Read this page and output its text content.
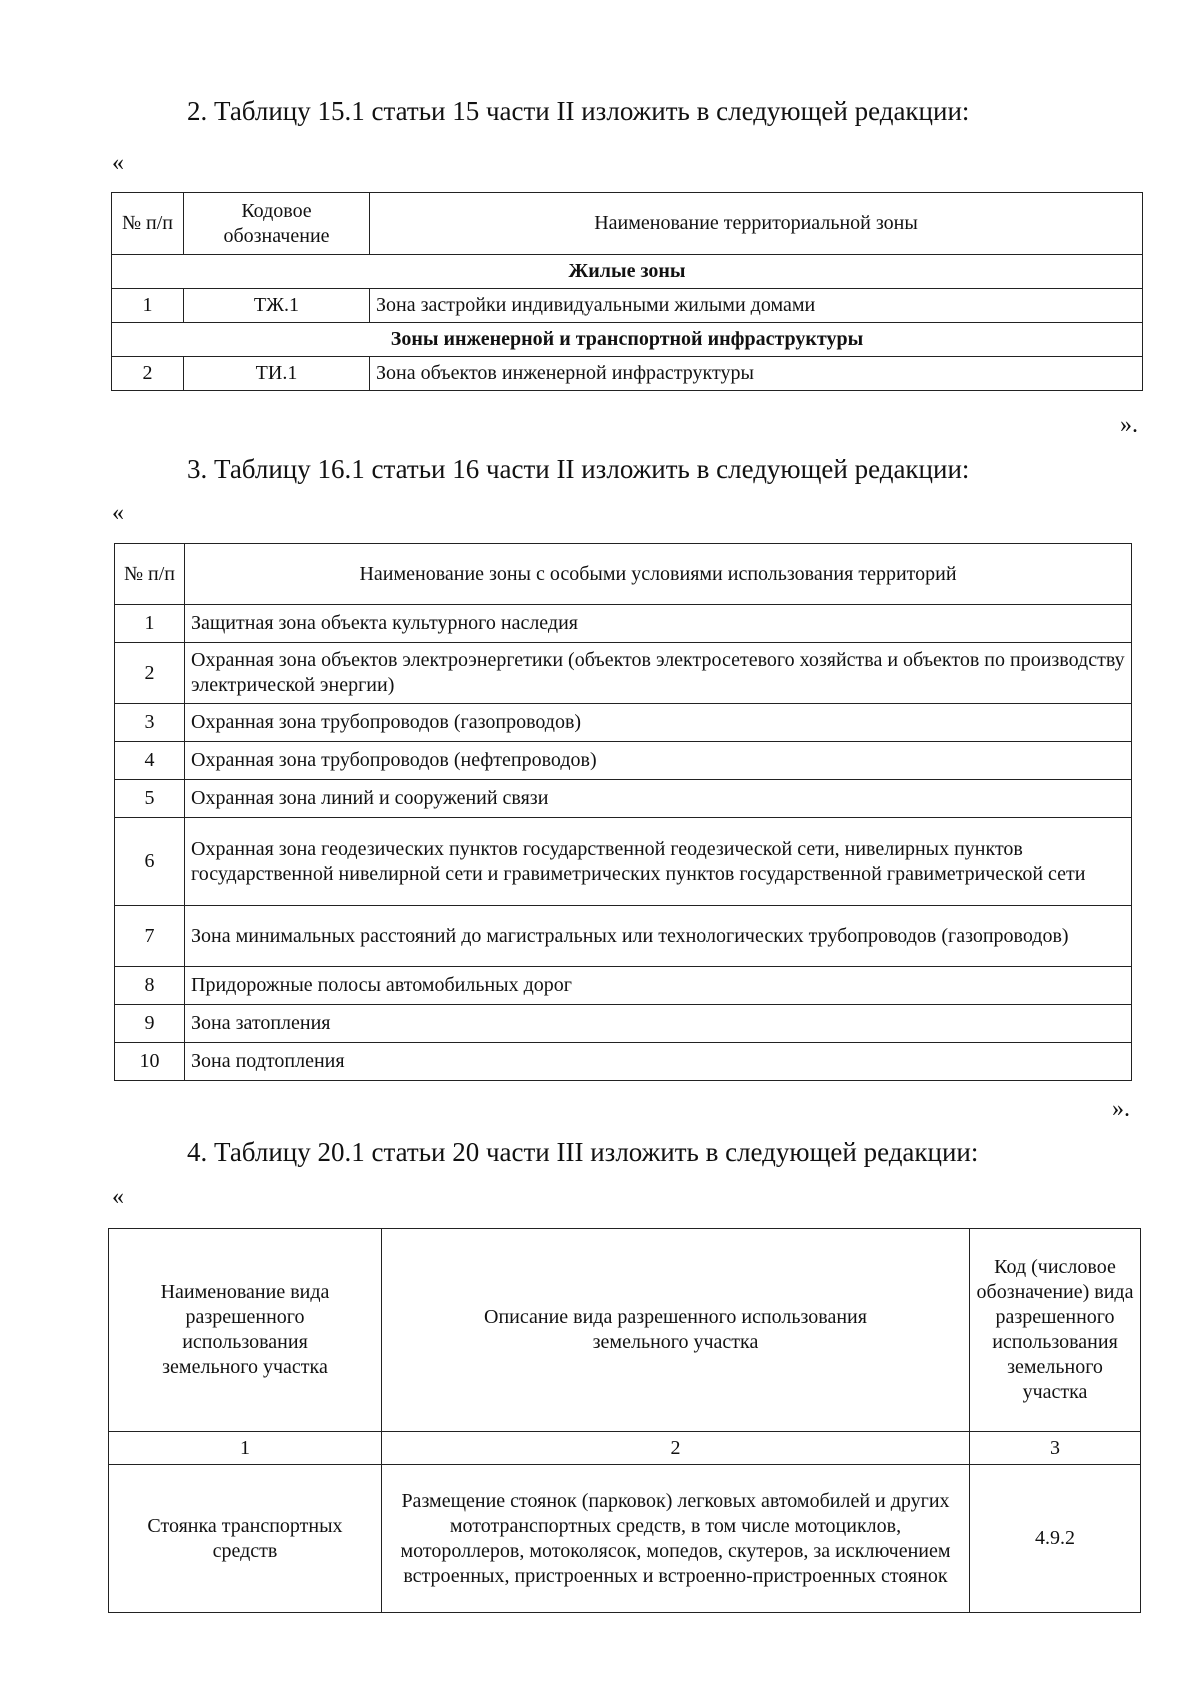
2. Таблицу 15.1 статьи 15 части II изложить в следующей редакции:
«
№ п/п	Кодовое обозначение	Наименование территориальной зоны
Жилые зоны		
1	ТЖ.1	Зона застройки индивидуальными жилыми домами
Зоны инженерной и транспортной инфраструктуры		
2	ТИ.1	Зона объектов инженерной инфраструктуры
».
3. Таблицу 16.1 статьи 16 части II изложить в следующей редакции:
«
№ п/п	Наименование зоны с особыми условиями использования территорий
1	Защитная зона объекта культурного наследия
2	Охранная зона объектов электроэнергетики (объектов электросетевого хозяйства и объектов по производству электрической энергии)
3	Охранная зона трубопроводов (газопроводов)
4	Охранная зона трубопроводов (нефтепроводов)
5	Охранная зона линий и сооружений связи
6	Охранная зона геодезических пунктов государственной геодезической сети, нивелирных пунктов государственной нивелирной сети и гравиметрических пунктов государственной гравиметрической сети
7	Зона минимальных расстояний до магистральных или технологических трубопроводов (газопроводов)
8	Придорожные полосы автомобильных дорог
9	Зона затопления
10	Зона подтопления
».
4. Таблицу 20.1 статьи 20 части III изложить в следующей редакции:
«
Наименование вида разрешенного использования земельного участка	Описание вида разрешенного использования земельного участка	Код (числовое обозначение) вида разрешенного использования земельного участка
1	2	3
Стоянка транспортных средств	Размещение стоянок (парковок) легковых автомобилей и других мототранспортных средств, в том числе мотоциклов, мотороллеров, мотоколясок, мопедов, скутеров, за исключением встроенных, пристроенных и встроенно-пристроенных стоянок	4.9.2
